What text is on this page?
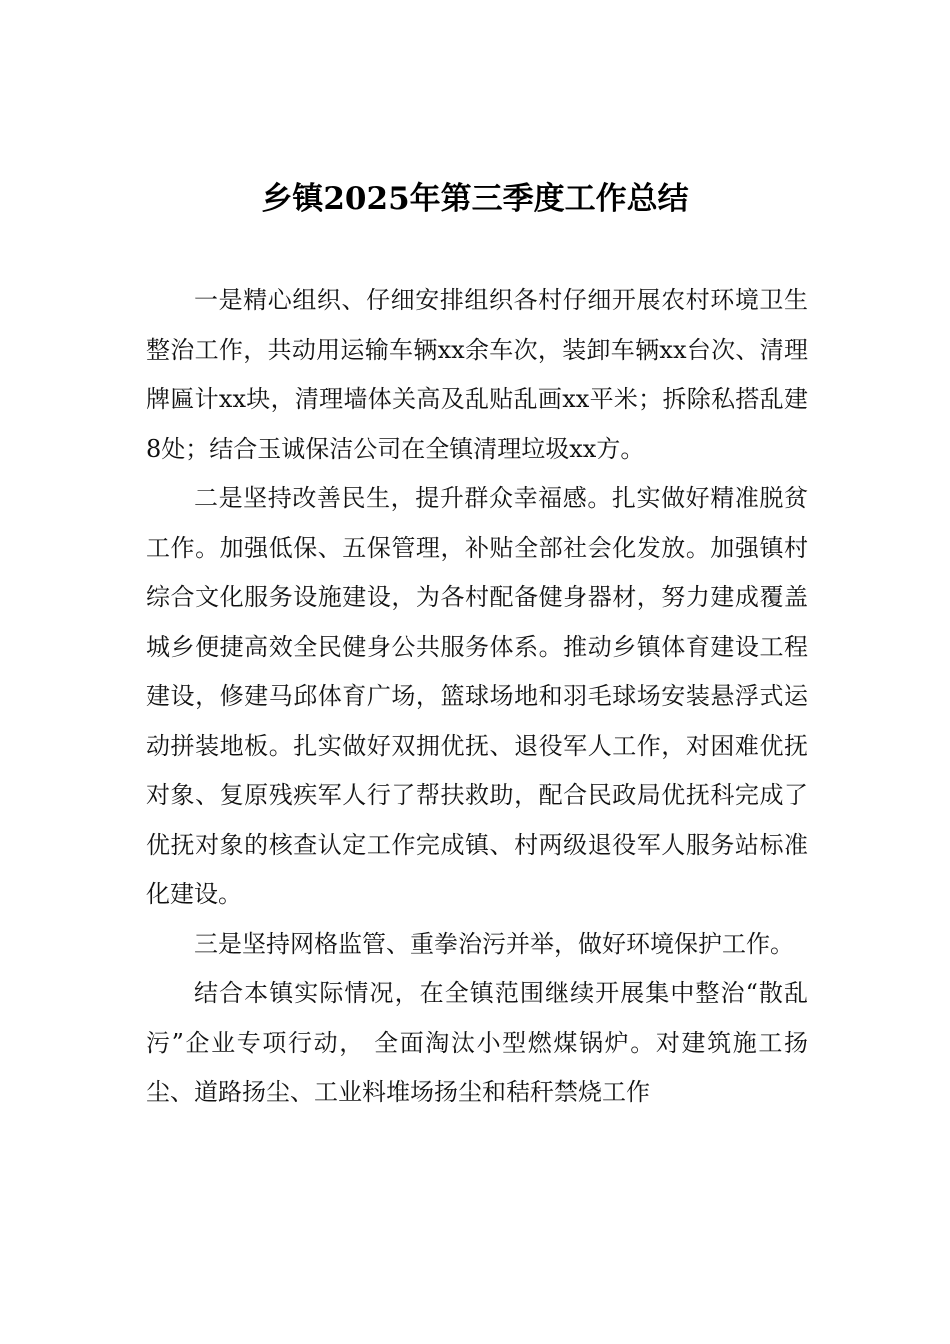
乡镇2025年第三季度工作总结

一是精心组织、仔细安排组织各村仔细开展农村环境卫生整治工作，共动用运输车辆xx余车次，装卸车辆xx台次、清理牌匾计xx块，清理墙体关高及乱贴乱画xx平米；拆除私搭乱建8处；结合玉诚保洁公司在全镇清理垃圾xx方。

二是坚持改善民生，提升群众幸福感。扎实做好精准脱贫工作。加强低保、五保管理，补贴全部社会化发放。加强镇村综合文化服务设施建设，为各村配备健身器材，努力建成覆盖城乡便捷高效全民健身公共服务体系。推动乡镇体育建设工程建设，修建马邱体育广场，篮球场地和羽毛球场安装悬浮式运动拼装地板。扎实做好双拥优抚、退役军人工作，对困难优抚对象、复原残疾军人行了帮扶救助，配合民政局优抚科完成了优抚对象的核查认定工作完成镇、村两级退役军人服务站标准化建设。

三是坚持网格监管、重拳治污并举，做好环境保护工作。

结合本镇实际情况，在全镇范围继续开展集中整治“散乱污”企业专项行动， 全面淘汰小型燃煤锅炉。对建筑施工扬尘、道路扬尘、工业料堆场扬尘和秸秆禁烧工作
